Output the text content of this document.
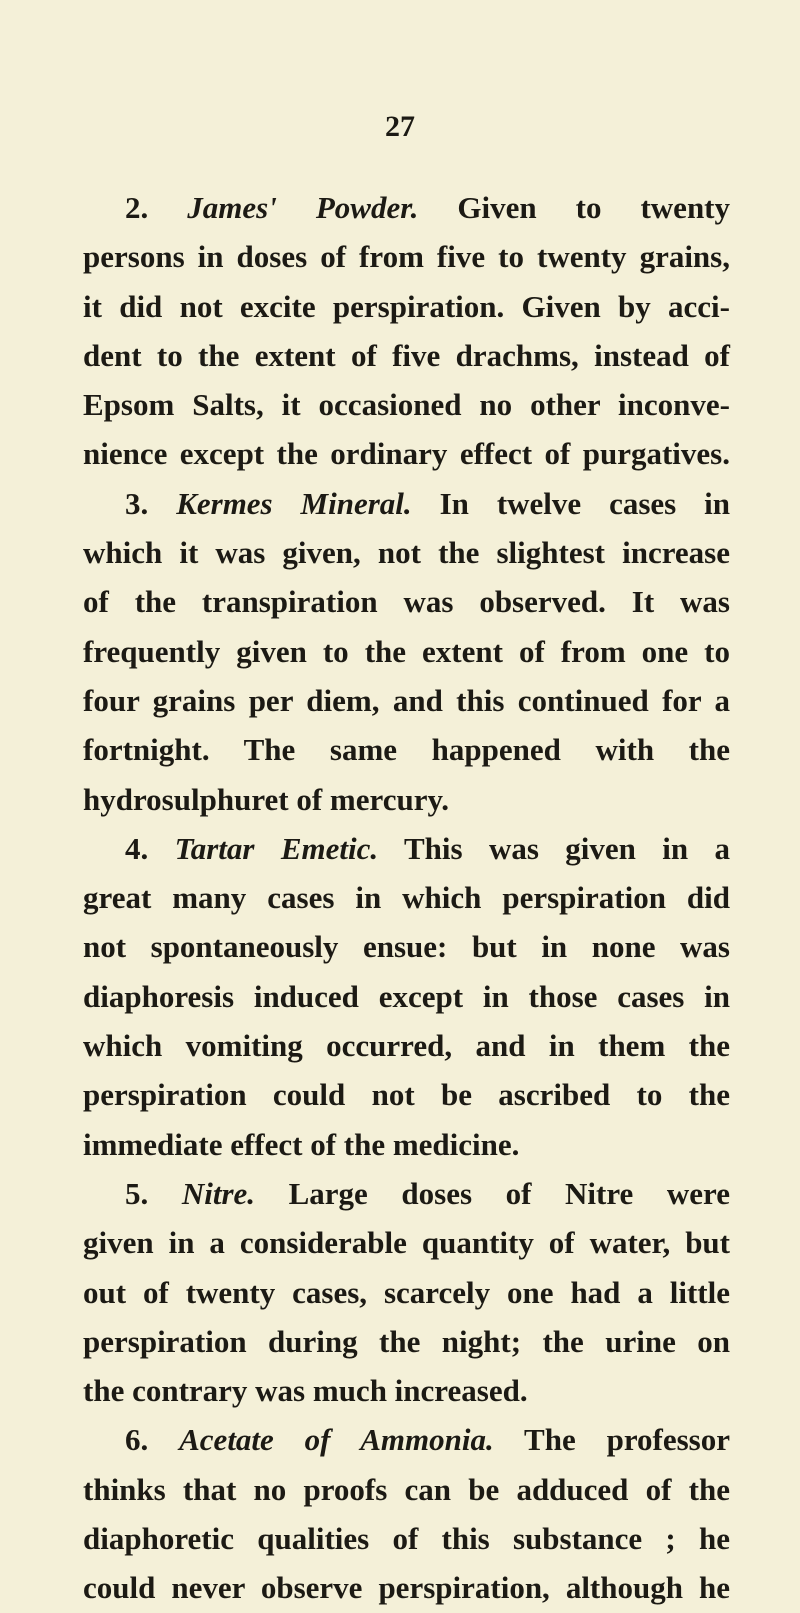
27

2. James' Powder. Given to twenty
persons in doses of from five to twenty grains,
it did not excite perspiration. Given by acci-
dent to the extent of five drachms, instead of
Epsom Salts, it occasioned no other inconve-
nience except the ordinary effect of purgatives.

3. Kermes Mineral. In twelve cases in
which it was given, not the slightest increase
of the transpiration was observed. It was
frequently given to the extent of from one to
four grains per diem, and this continued for a
fortnight. The same happened with the
hydrosulphuret of mercury.

4. Tartar Emetic. This was given in a
great many cases in which perspiration did
not spontaneously ensue: but in none was
diaphoresis induced except in those cases in
which vomiting occurred, and in them the
perspiration could not be ascribed to the
immediate effect of the medicine.

5. Nitre. Large doses of Nitre were
given in a considerable quantity of water, but
out of twenty cases, scarcely one had a little
perspiration during the night; the urine on
the contrary was much increased.

6. Acetate of Ammonia. The professor
thinks that no proofs can be adduced of the
diaphoretic qualities of this substance ; he
could never observe perspiration, although he
